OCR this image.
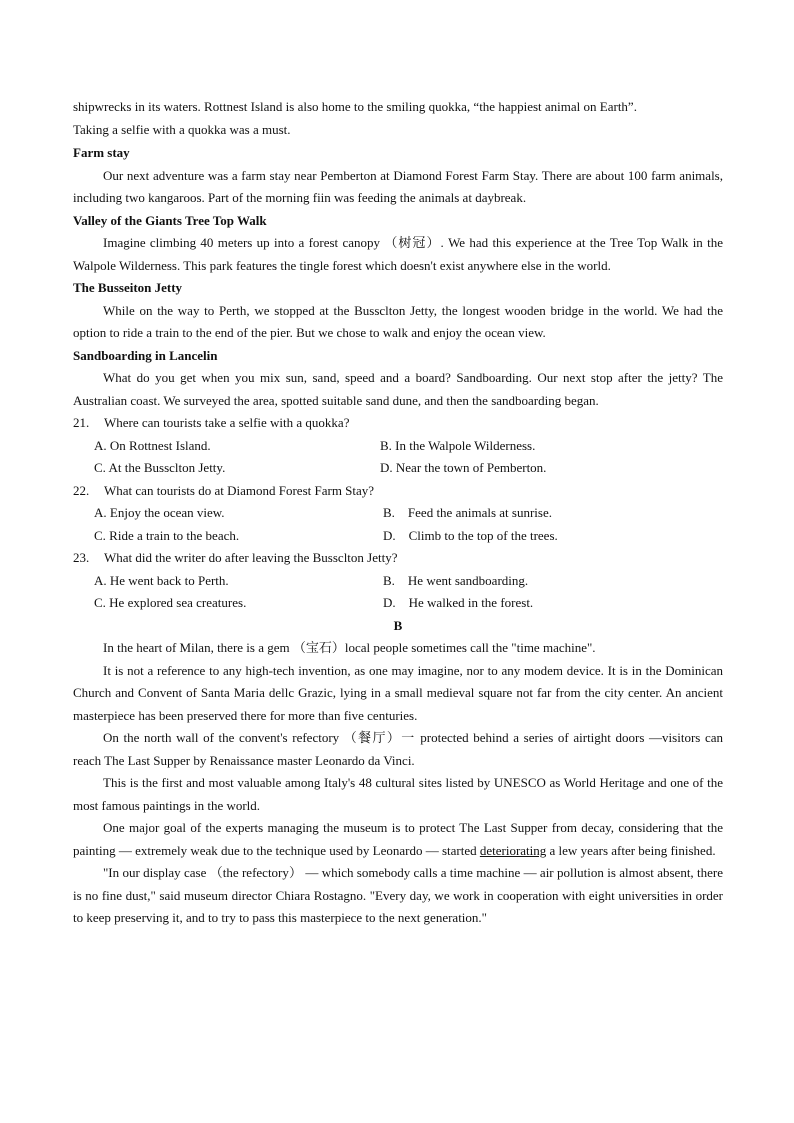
shipwrecks in its waters. Rottnest Island is also home to the smiling quokka, “the happiest animal on Earth”.
Taking a selfie with a quokka was a must.

Farm stay

Our next adventure was a farm stay near Pemberton at Diamond Forest Farm Stay. There are about 100 farm animals, including two kangaroos. Part of the morning fiin was feeding the animals at daybreak.

Valley of the Giants Tree Top Walk

Imagine climbing 40 meters up into a forest canopy （树冠）. We had this experience at the Tree Top Walk in the Walpole Wilderness. This park features the tingle forest which doesn't exist anywhere else in the world.

The Busseiton Jetty

While on the way to Perth, we stopped at the Bussclton Jetty, the longest wooden bridge in the world. We had the option to ride a train to the end of the pier. But we chose to walk and enjoy the ocean view.

Sandboarding in Lancelin

What do you get when you mix sun, sand, speed and a board? Sandboarding. Our next stop after the jetty? The Australian coast. We surveyed the area, spotted suitable sand dune, and then the sandboarding began.

21. Where can tourists take a selfie with a quokka?

A. On Rottnest Island.	B. In the Walpole Wilderness.
C. At the Bussclton Jetty.	D. Near the town of Pemberton.

22. What can tourists do at Diamond Forest Farm Stay?

A. Enjoy the ocean view.	B.    Feed the animals at sunrise.
C. Ride a train to the beach.	D.    Climb to the top of the trees.

23. What did the writer do after leaving the Bussclton Jetty?

A. He went back to Perth.	B.    He went sandboarding.
C. He explored sea creatures.	D.    He walked in the forest.

B

In the heart of Milan, there is a gem （宝石）local people sometimes call the "time machine".

It is not a reference to any high-tech invention, as one may imagine, nor to any modem device. It is in the Dominican Church and Convent of Santa Maria dellc Grazic, lying in a small medieval square not far from the city center. An ancient masterpiece has been preserved there for more than five centuries.

On the north wall of the convent's refectory （餐厅）一 protected behind a series of airtight doors —visitors can reach The Last Supper by Renaissance master Leonardo da Vinci.

This is the first and most valuable among Italy's 48 cultural sites listed by UNESCO as World Heritage and one of the most famous paintings in the world.

One major goal of the experts managing the museum is to protect The Last Supper from decay, considering that the painting — extremely weak due to the technique used by Leonardo — started deteriorating a lew years after being finished.

"In our display case （the refectory） — which somebody calls a time machine — air pollution is almost absent, there is no fine dust," said museum director Chiara Rostagno. "Every day, we work in cooperation with eight universities in order to keep preserving it, and to try to pass this masterpiece to the next generation."
